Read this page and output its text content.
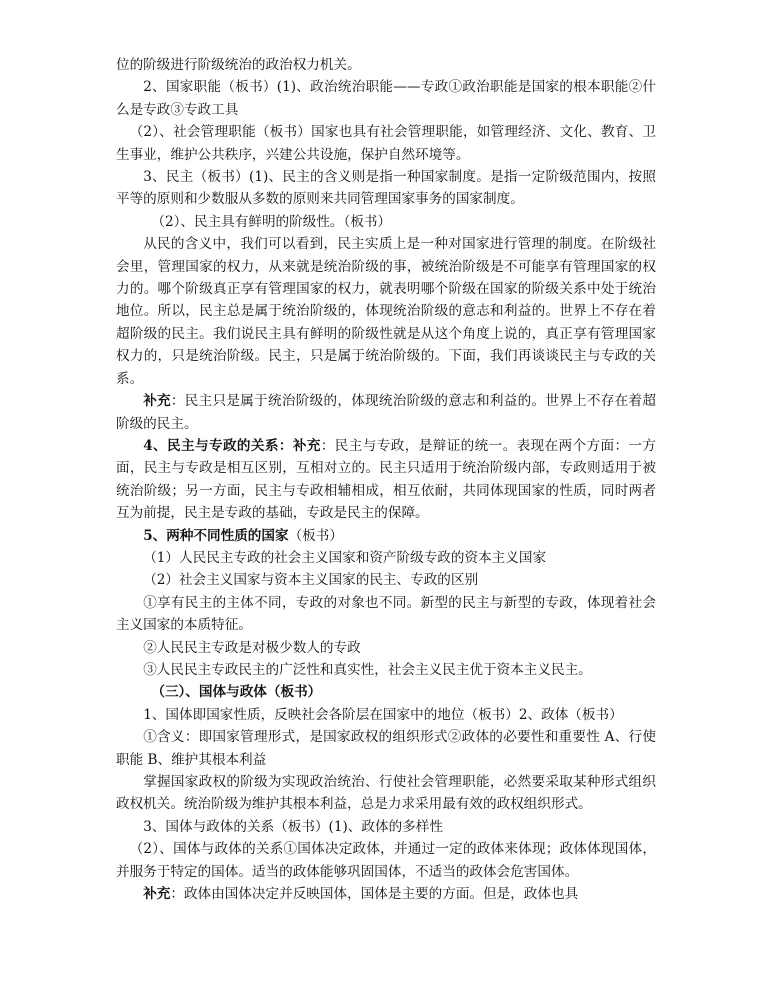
位的阶级进行阶级统治的政治权力机关。

2、国家职能（板书）(1)、政治统治职能——专政①政治职能是国家的根本职能②什么是专政③专政工具

（2）、社会管理职能（板书）国家也具有社会管理职能，如管理经济、文化、教育、卫生事业，维护公共秩序，兴建公共设施，保护自然环境等。

3、民主（板书）(1)、民主的含义则是指一种国家制度。是指一定阶级范围内，按照平等的原则和少数服从多数的原则来共同管理国家事务的国家制度。

（2）、民主具有鲜明的阶级性。（板书）

从民的含义中，我们可以看到，民主实质上是一种对国家进行管理的制度。在阶级社会里，管理国家的权力，从来就是统治阶级的事，被统治阶级是不可能享有管理国家的权力的。哪个阶级真正享有管理国家的权力，就表明哪个阶级在国家的阶级关系中处于统治地位。所以，民主总是属于统治阶级的，体现统治阶级的意志和利益的。世界上不存在着超阶级的民主。我们说民主具有鲜明的阶级性就是从这个角度上说的，真正享有管理国家权力的，只是统治阶级。民主，只是属于统治阶级的。下面，我们再谈谈民主与专政的关系。

补充：民主只是属于统治阶级的，体现统治阶级的意志和利益的。世界上不存在着超阶级的民主。

4、民主与专政的关系：补充：民主与专政，是辩证的统一。表现在两个方面：一方面，民主与专政是相互区别，互相对立的。民主只适用于统治阶级内部，专政则适用于被统治阶级；另一方面，民主与专政相辅相成，相互依耐，共同体现国家的性质，同时两者互为前提，民主是专政的基础，专政是民主的保障。

5、两种不同性质的国家（板书）

（1）人民民主专政的社会主义国家和资产阶级专政的资本主义国家

（2）社会主义国家与资本主义国家的民主、专政的区别

①享有民主的主体不同，专政的对象也不同。新型的民主与新型的专政，体现着社会主义国家的本质特征。

②人民民主专政是对极少数人的专政

③人民民主专政民主的广泛性和真实性，社会主义民主优于资本主义民主。

（三）、国体与政体（板书）

1、国体即国家性质，反映社会各阶层在国家中的地位（板书）2、政体（板书）

①含义：即国家管理形式，是国家政权的组织形式②政体的必要性和重要性 A、行使职能 B、维护其根本利益

掌握国家政权的阶级为实现政治统治、行使社会管理职能，必然要采取某种形式组织政权机关。统治阶级为维护其根本利益，总是力求采用最有效的政权组织形式。

3、国体与政体的关系（板书）(1)、政体的多样性

（2）、国体与政体的关系①国体决定政体，并通过一定的政体来体现；政体体现国体，并服务于特定的国体。适当的政体能够巩固国体，不适当的政体会危害国体。

补充：政体由国体决定并反映国体，国体是主要的方面。但是，政体也具
